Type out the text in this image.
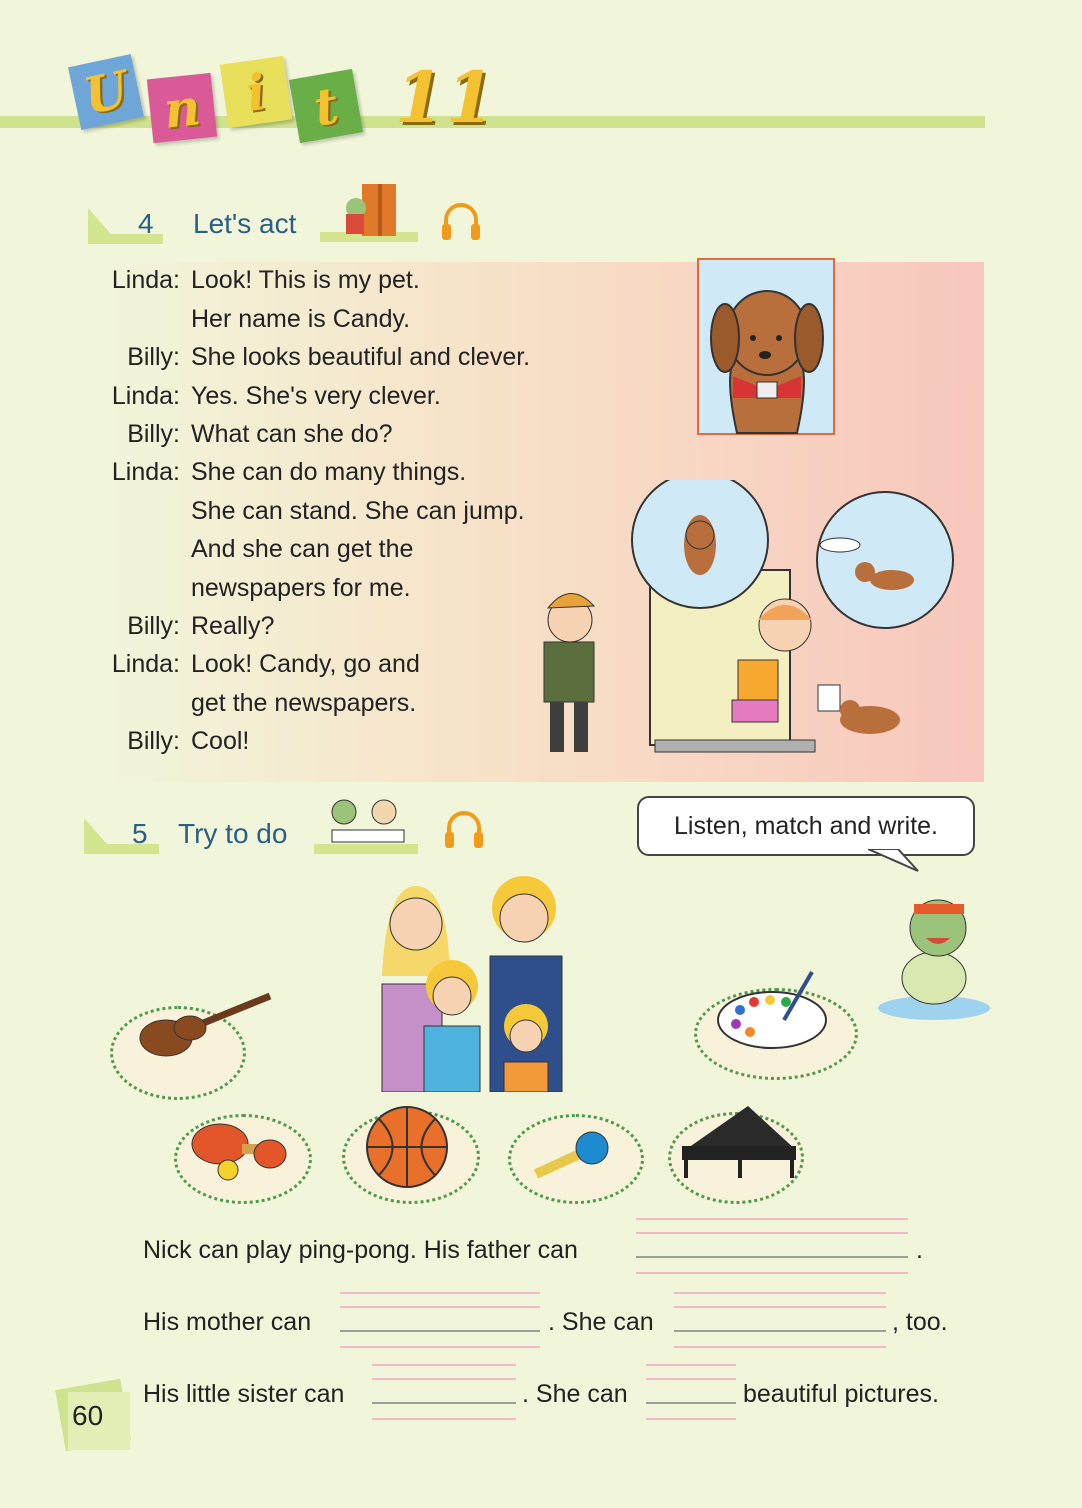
U n i t 11
4 Let's act
Linda: Look! This is my pet.
Her name is Candy.
Billy: She looks beautiful and clever.
Linda: Yes. She's very clever.
Billy: What can she do?
Linda: She can do many things.
She can stand. She can jump.
And she can get the
newspapers for me.
Billy: Really?
Linda: Look! Candy, go and
get the newspapers.
Billy: Cool!
5 Try to do	Listen, match and write.
Nick can play ping-pong. His father can	.
His mother can	. She can	, too.
His little sister can	. She can	beautiful pictures.
60
